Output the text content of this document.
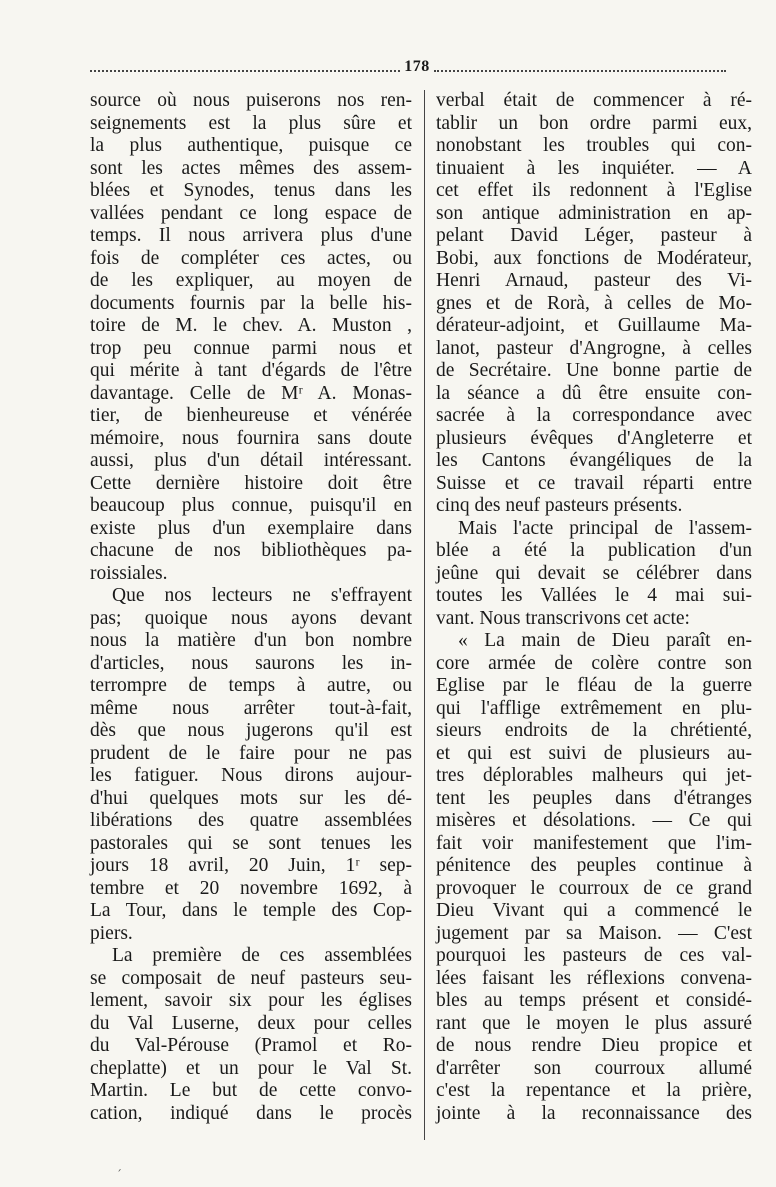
178
source où nous puiserons nos ren-
seignements est la plus sûre et
la plus authentique, puisque ce
sont les actes mêmes des assem-
blées et Synodes, tenus dans les
vallées pendant ce long espace de
temps. Il nous arrivera plus d'une
fois de compléter ces actes, ou
de les expliquer, au moyen de
documents fournis par la belle his-
toire de M. le chev. A. Muston ,
trop peu connue parmi nous et
qui mérite à tant d'égards de l'être
davantage. Celle de Mʳ A. Monas-
tier, de bienheureuse et vénérée
mémoire, nous fournira sans doute
aussi, plus d'un détail intéressant.
Cette dernière histoire doit être
beaucoup plus connue, puisqu'il en
existe plus d'un exemplaire dans
chacune de nos bibliothèques pa-
roissiales.
Que nos lecteurs ne s'effrayent
pas; quoique nous ayons devant
nous la matière d'un bon nombre
d'articles, nous saurons les in-
terrompre de temps à autre, ou
même nous arrêter tout-à-fait,
dès que nous jugerons qu'il est
prudent de le faire pour ne pas
les fatiguer. Nous dirons aujour-
d'hui quelques mots sur les dé-
libérations des quatre assemblées
pastorales qui se sont tenues les
jours 18 avril, 20 Juin, 1ʳ sep-
tembre et 20 novembre 1692, à
La Tour, dans le temple des Cop-
piers.
La première de ces assemblées
se composait de neuf pasteurs seu-
lement, savoir six pour les églises
du Val Luserne, deux pour celles
du Val-Pérouse (Pramol et Ro-
cheplatte) et un pour le Val St.
Martin. Le but de cette convo-
cation, indiqué dans le procès
verbal était de commencer à ré-
tablir un bon ordre parmi eux,
nonobstant les troubles qui con-
tinuaient à les inquiéter. — A
cet effet ils redonnent à l'Eglise
son antique administration en ap-
pelant David Léger, pasteur à
Bobi, aux fonctions de Modérateur,
Henri Arnaud, pasteur des Vi-
gnes et de Rorà, à celles de Mo-
dérateur-adjoint, et Guillaume Ma-
lanot, pasteur d'Angrogne, à celles
de Secrétaire. Une bonne partie de
la séance a dû être ensuite con-
sacrée à la correspondance avec
plusieurs évêques d'Angleterre et
les Cantons évangéliques de la
Suisse et ce travail réparti entre
cinq des neuf pasteurs présents.
Mais l'acte principal de l'assem-
blée a été la publication d'un
jeûne qui devait se célébrer dans
toutes les Vallées le 4 mai sui-
vant. Nous transcrivons cet acte:
« La main de Dieu paraît en-
core armée de colère contre son
Eglise par le fléau de la guerre
qui l'afflige extrêmement en plu-
sieurs endroits de la chrétienté,
et qui est suivi de plusieurs au-
tres déplorables malheurs qui jet-
tent les peuples dans d'étranges
misères et désolations. — Ce qui
fait voir manifestement que l'im-
pénitence des peuples continue à
provoquer le courroux de ce grand
Dieu Vivant qui a commencé le
jugement par sa Maison. — C'est
pourquoi les pasteurs de ces val-
lées faisant les réflexions convena-
bles au temps présent et considé-
rant que le moyen le plus assuré
de nous rendre Dieu propice et
d'arrêter son courroux allumé
c'est la repentance et la prière,
jointe à la reconnaissance des
ˊ
